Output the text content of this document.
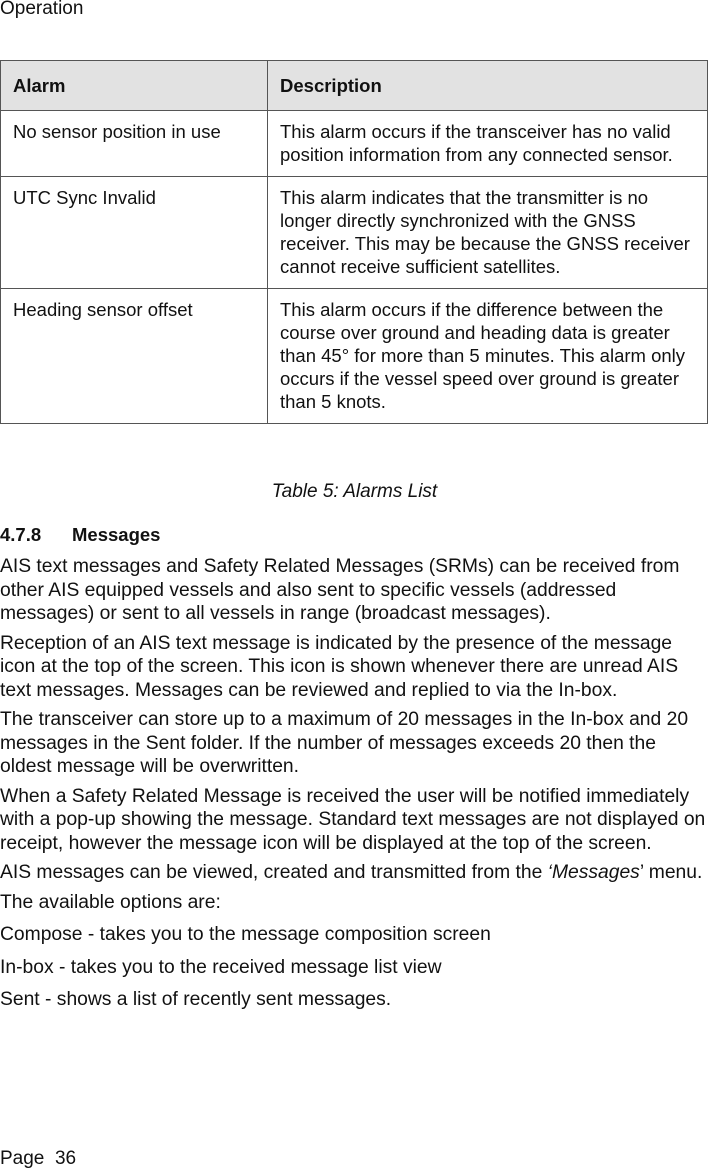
Operation
Alarm	Description
No sensor position in use	This alarm occurs if the transceiver has no valid position information from any connected sensor.
UTC Sync Invalid	This alarm indicates that the transmitter is no longer directly synchronized with the GNSS receiver. This may be because the GNSS receiver cannot receive sufficient satellites.
Heading sensor offset	This alarm occurs if the difference between the course over ground and heading data is greater than 45° for more than 5 minutes. This alarm only occurs if the vessel speed over ground is greater than 5 knots.
Table 5: Alarms List
4.7.8 Messages

AIS text messages and Safety Related Messages (SRMs) can be received from other AIS equipped vessels and also sent to specific vessels (addressed messages) or sent to all vessels in range (broadcast messages).

Reception of an AIS text message is indicated by the presence of the message icon at the top of the screen. This icon is shown whenever there are unread AIS text messages. Messages can be reviewed and replied to via the In-box.

The transceiver can store up to a maximum of 20 messages in the In-box and 20 messages in the Sent folder. If the number of messages exceeds 20 then the oldest message will be overwritten.

When a Safety Related Message is received the user will be notified immediately with a pop-up showing the message. Standard text messages are not displayed on receipt, however the message icon will be displayed at the top of the screen.

AIS messages can be viewed, created and transmitted from the ‘Messages’ menu.

The available options are:

Compose - takes you to the message composition screen

In-box - takes you to the received message list view

Sent - shows a list of recently sent messages.

Page 36
